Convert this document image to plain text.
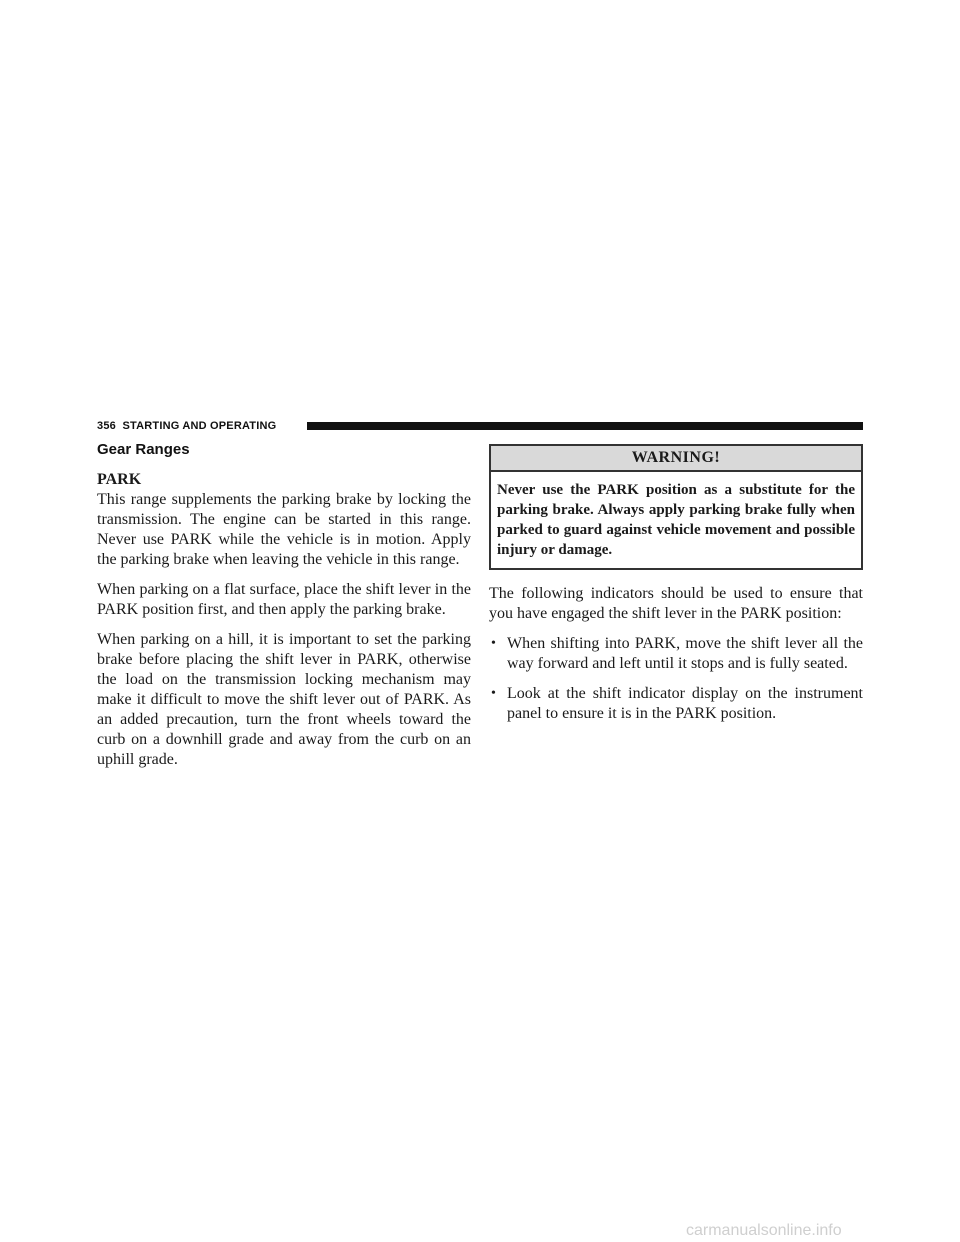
356 STARTING AND OPERATING
Gear Ranges
PARK

This range supplements the parking brake by locking the transmission. The engine can be started in this range. Never use PARK while the vehicle is in motion. Apply the parking brake when leaving the vehicle in this range.

When parking on a flat surface, place the shift lever in the PARK position first, and then apply the parking brake.

When parking on a hill, it is important to set the parking brake before placing the shift lever in PARK, otherwise the load on the transmission locking mechanism may make it difficult to move the shift lever out of PARK. As an added precaution, turn the front wheels toward the curb on a downhill grade and away from the curb on an uphill grade.

WARNING!
Never use the PARK position as a substitute for the parking brake. Always apply parking brake fully when parked to guard against vehicle movement and possible injury or damage.

The following indicators should be used to ensure that you have engaged the shift lever in the PARK position:

• When shifting into PARK, move the shift lever all the way forward and left until it stops and is fully seated.
• Look at the shift indicator display on the instrument panel to ensure it is in the PARK position.
carmanualsonline.info
